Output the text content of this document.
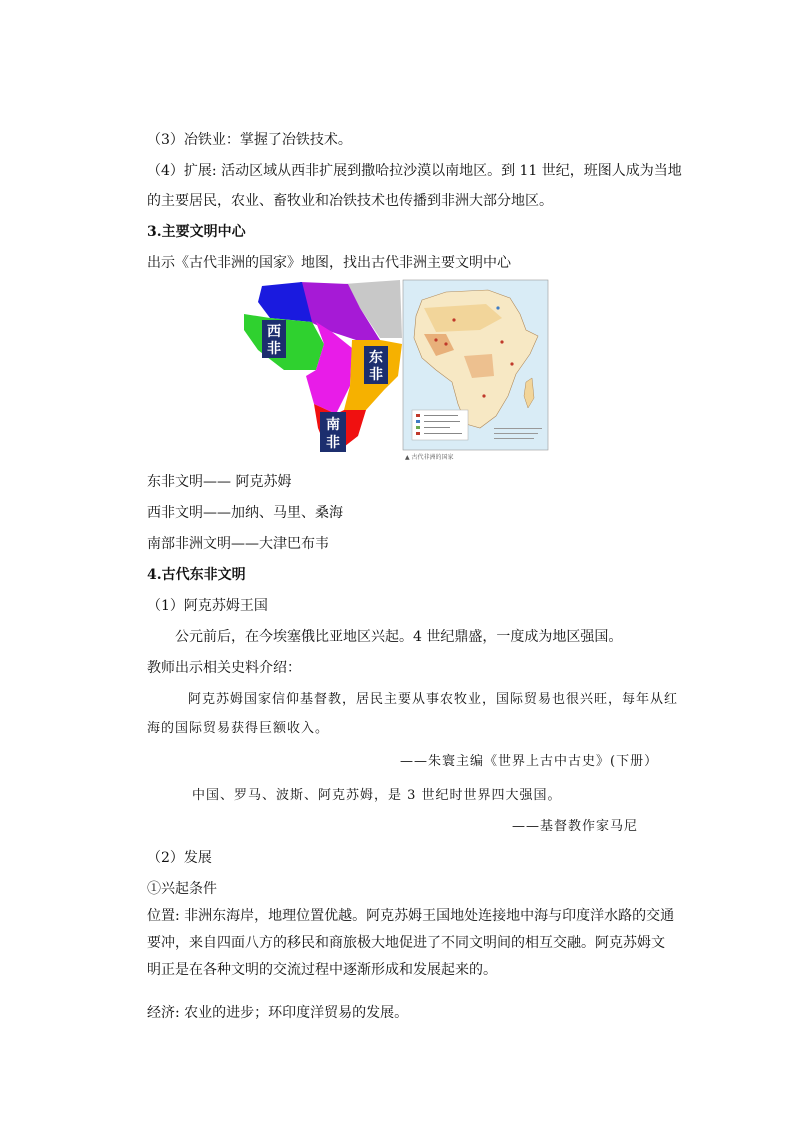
（3）冶铁业：掌握了冶铁技术。
（4）扩展: 活动区域从西非扩展到撒哈拉沙漠以南地区。到 11 世纪，班图人成为当地
的主要居民，农业、畜牧业和冶铁技术也传播到非洲大部分地区。
3.主要文明中心
出示《古代非洲的国家》地图，找出古代非洲主要文明中心
西
非
东
非
南
非
▲ 古代非洲的国家
东非文明—— 阿克苏姆
西非文明——加纳、马里、桑海
南部非洲文明——大津巴布韦
4.古代东非文明
（1）阿克苏姆王国
公元前后，在今埃塞俄比亚地区兴起。4 世纪鼎盛，一度成为地区强国。
教师出示相关史料介绍：
阿克苏姆国家信仰基督教，居民主要从事农牧业，国际贸易也很兴旺，每年从红
海的国际贸易获得巨额收入。
——朱寰主编《世界上古中古史》(下册）
中国、罗马、波斯、阿克苏姆，是 3 世纪时世界四大强国。
——基督教作家马尼
（2）发展
①兴起条件
位置: 非洲东海岸，地理位置优越。阿克苏姆王国地处连接地中海与印度洋水路的交通要冲，来自四面八方的移民和商旅极大地促进了不同文明间的相互交融。阿克苏姆文明正是在各种文明的交流过程中逐渐形成和发展起来的。
经济: 农业的进步；环印度洋贸易的发展。
